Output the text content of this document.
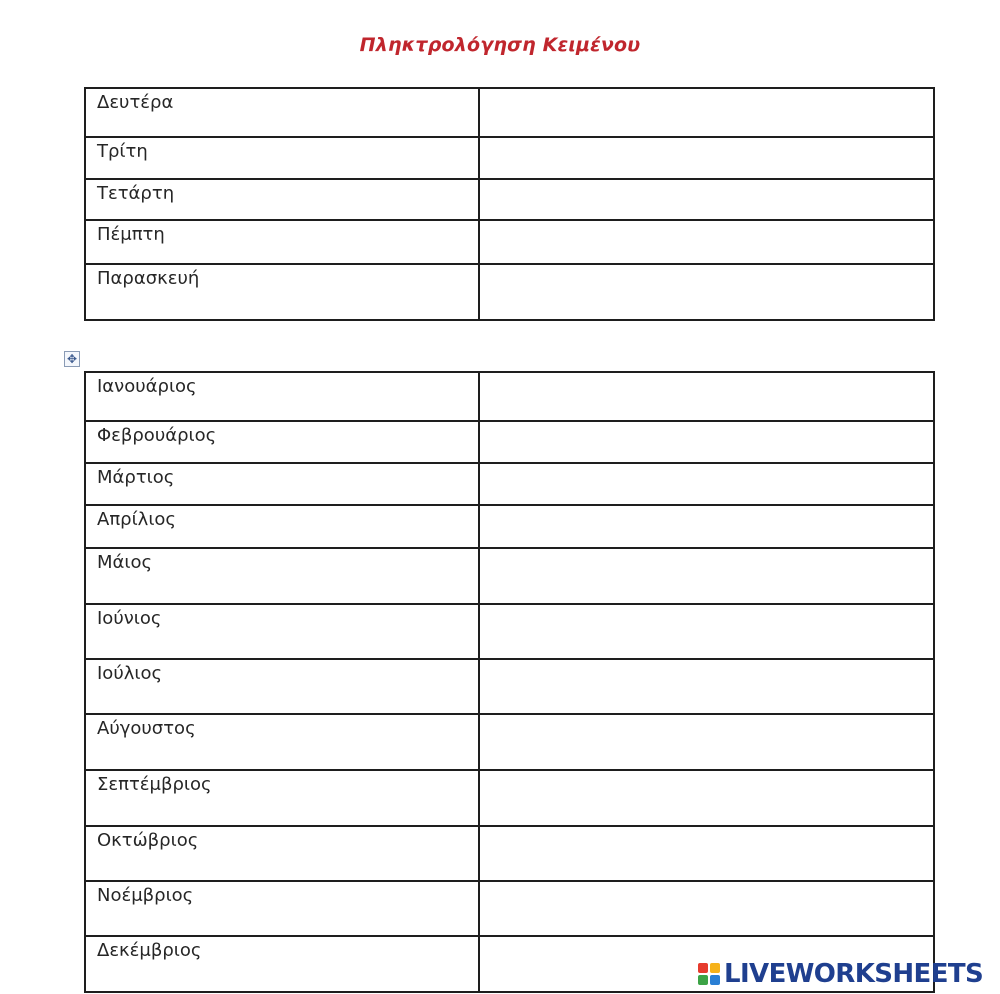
Πληκτρολόγηση Κειμένου
Δευτέρα

Τρίτη

Τετάρτη

Πέμπτη

Παρασκευή

✥
Ιανουάριος

Φεβρουάριος

Μάρτιος

Απρίλιος

Μάιος

Ιούνιος

Ιούλιος

Αύγουστος

Σεπτέμβριος

Οκτώβριος

Νοέμβριος

Δεκέμβριος

LIVEWORKSHEETS
